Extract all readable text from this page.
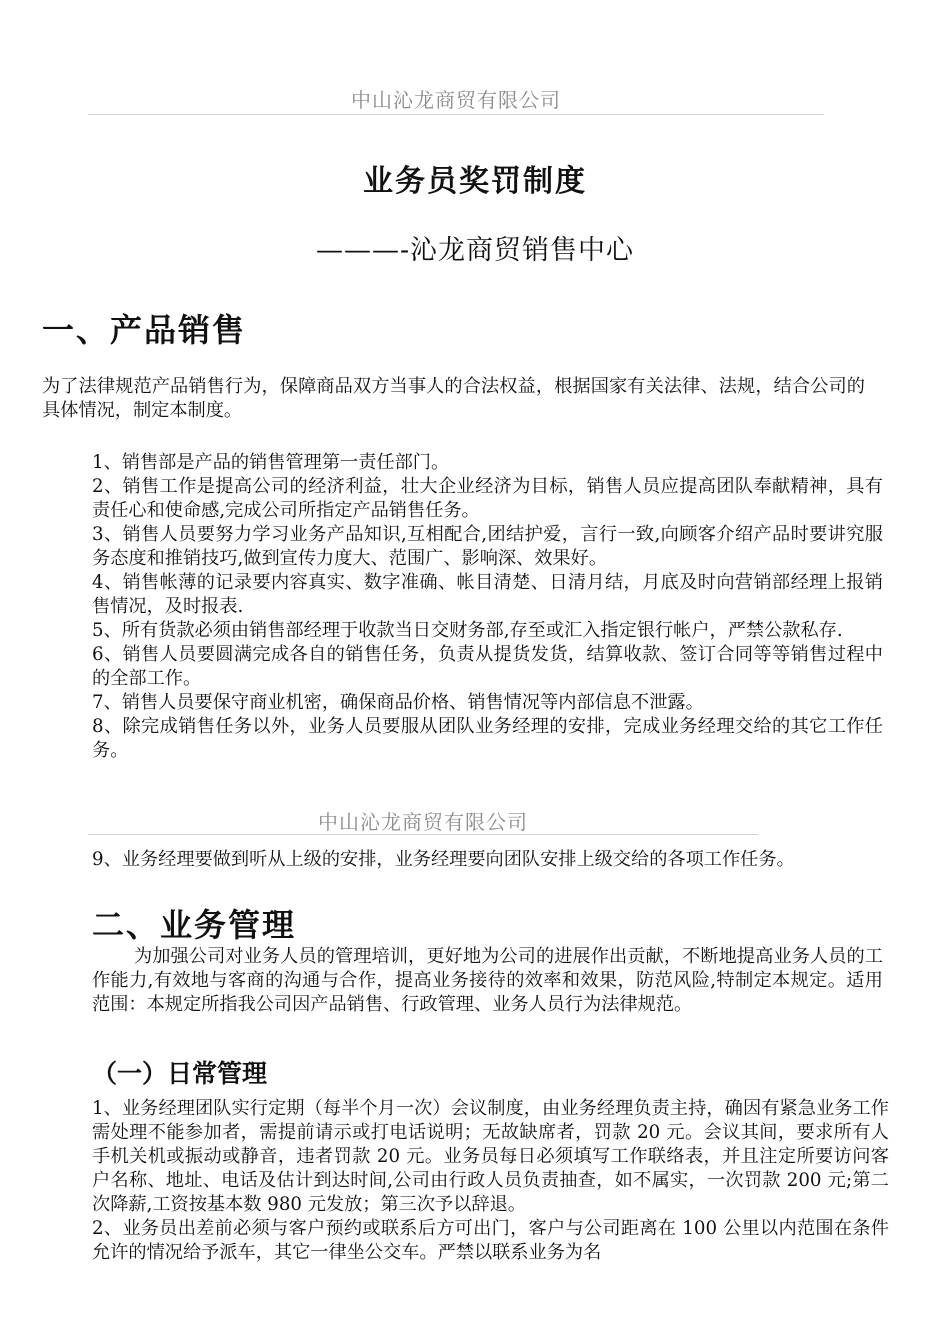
中山沁龙商贸有限公司
业务员奖罚制度
———-沁龙商贸销售中心
一、产品销售

为了法律规范产品销售行为，保障商品双方当事人的合法权益，根据国家有关法律、法规，结合公司的具体情况，制定本制度。

1、销售部是产品的销售管理第一责任部门。

2、销售工作是提高公司的经济利益，壮大企业经济为目标，销售人员应提高团队奉献精神，具有责任心和使命感,完成公司所指定产品销售任务。

3、销售人员要努力学习业务产品知识,互相配合,团结护爱，言行一致,向顾客介绍产品时要讲究服务态度和推销技巧,做到宣传力度大、范围广、影响深、效果好。

4、销售帐薄的记录要内容真实、数字准确、帐目清楚、日清月结，月底及时向营销部经理上报销售情况，及时报表.

5、所有货款必须由销售部经理于收款当日交财务部,存至或汇入指定银行帐户，严禁公款私存.

6、销售人员要圆满完成各自的销售任务，负责从提货发货，结算收款、签订合同等等销售过程中的全部工作。

7、销售人员要保守商业机密，确保商品价格、销售情况等内部信息不泄露。

8、除完成销售任务以外，业务人员要服从团队业务经理的安排，完成业务经理交给的其它工作任务。

中山沁龙商贸有限公司

9、业务经理要做到听从上级的安排，业务经理要向团队安排上级交给的各项工作任务。

二、业务管理

为加强公司对业务人员的管理培训，更好地为公司的进展作出贡献，不断地提高业务人员的工作能力,有效地与客商的沟通与合作，提高业务接待的效率和效果，防范风险,特制定本规定。适用范围：本规定所指我公司因产品销售、行政管理、业务人员行为法律规范。

（一）日常管理

1、业务经理团队实行定期（每半个月一次）会议制度，由业务经理负责主持，确因有紧急业务工作需处理不能参加者，需提前请示或打电话说明；无故缺席者，罚款 20 元。会议其间，要求所有人手机关机或振动或静音，违者罚款 20 元。业务员每日必须填写工作联络表，并且注定所要访问客户名称、地址、电话及估计到达时间,公司由行政人员负责抽查，如不属实，一次罚款 200 元;第二次降薪,工资按基本数 980 元发放；第三次予以辞退。

2、业务员出差前必须与客户预约或联系后方可出门，客户与公司距离在 100 公里以内范围在条件允许的情况给予派车，其它一律坐公交车。严禁以联系业务为名
